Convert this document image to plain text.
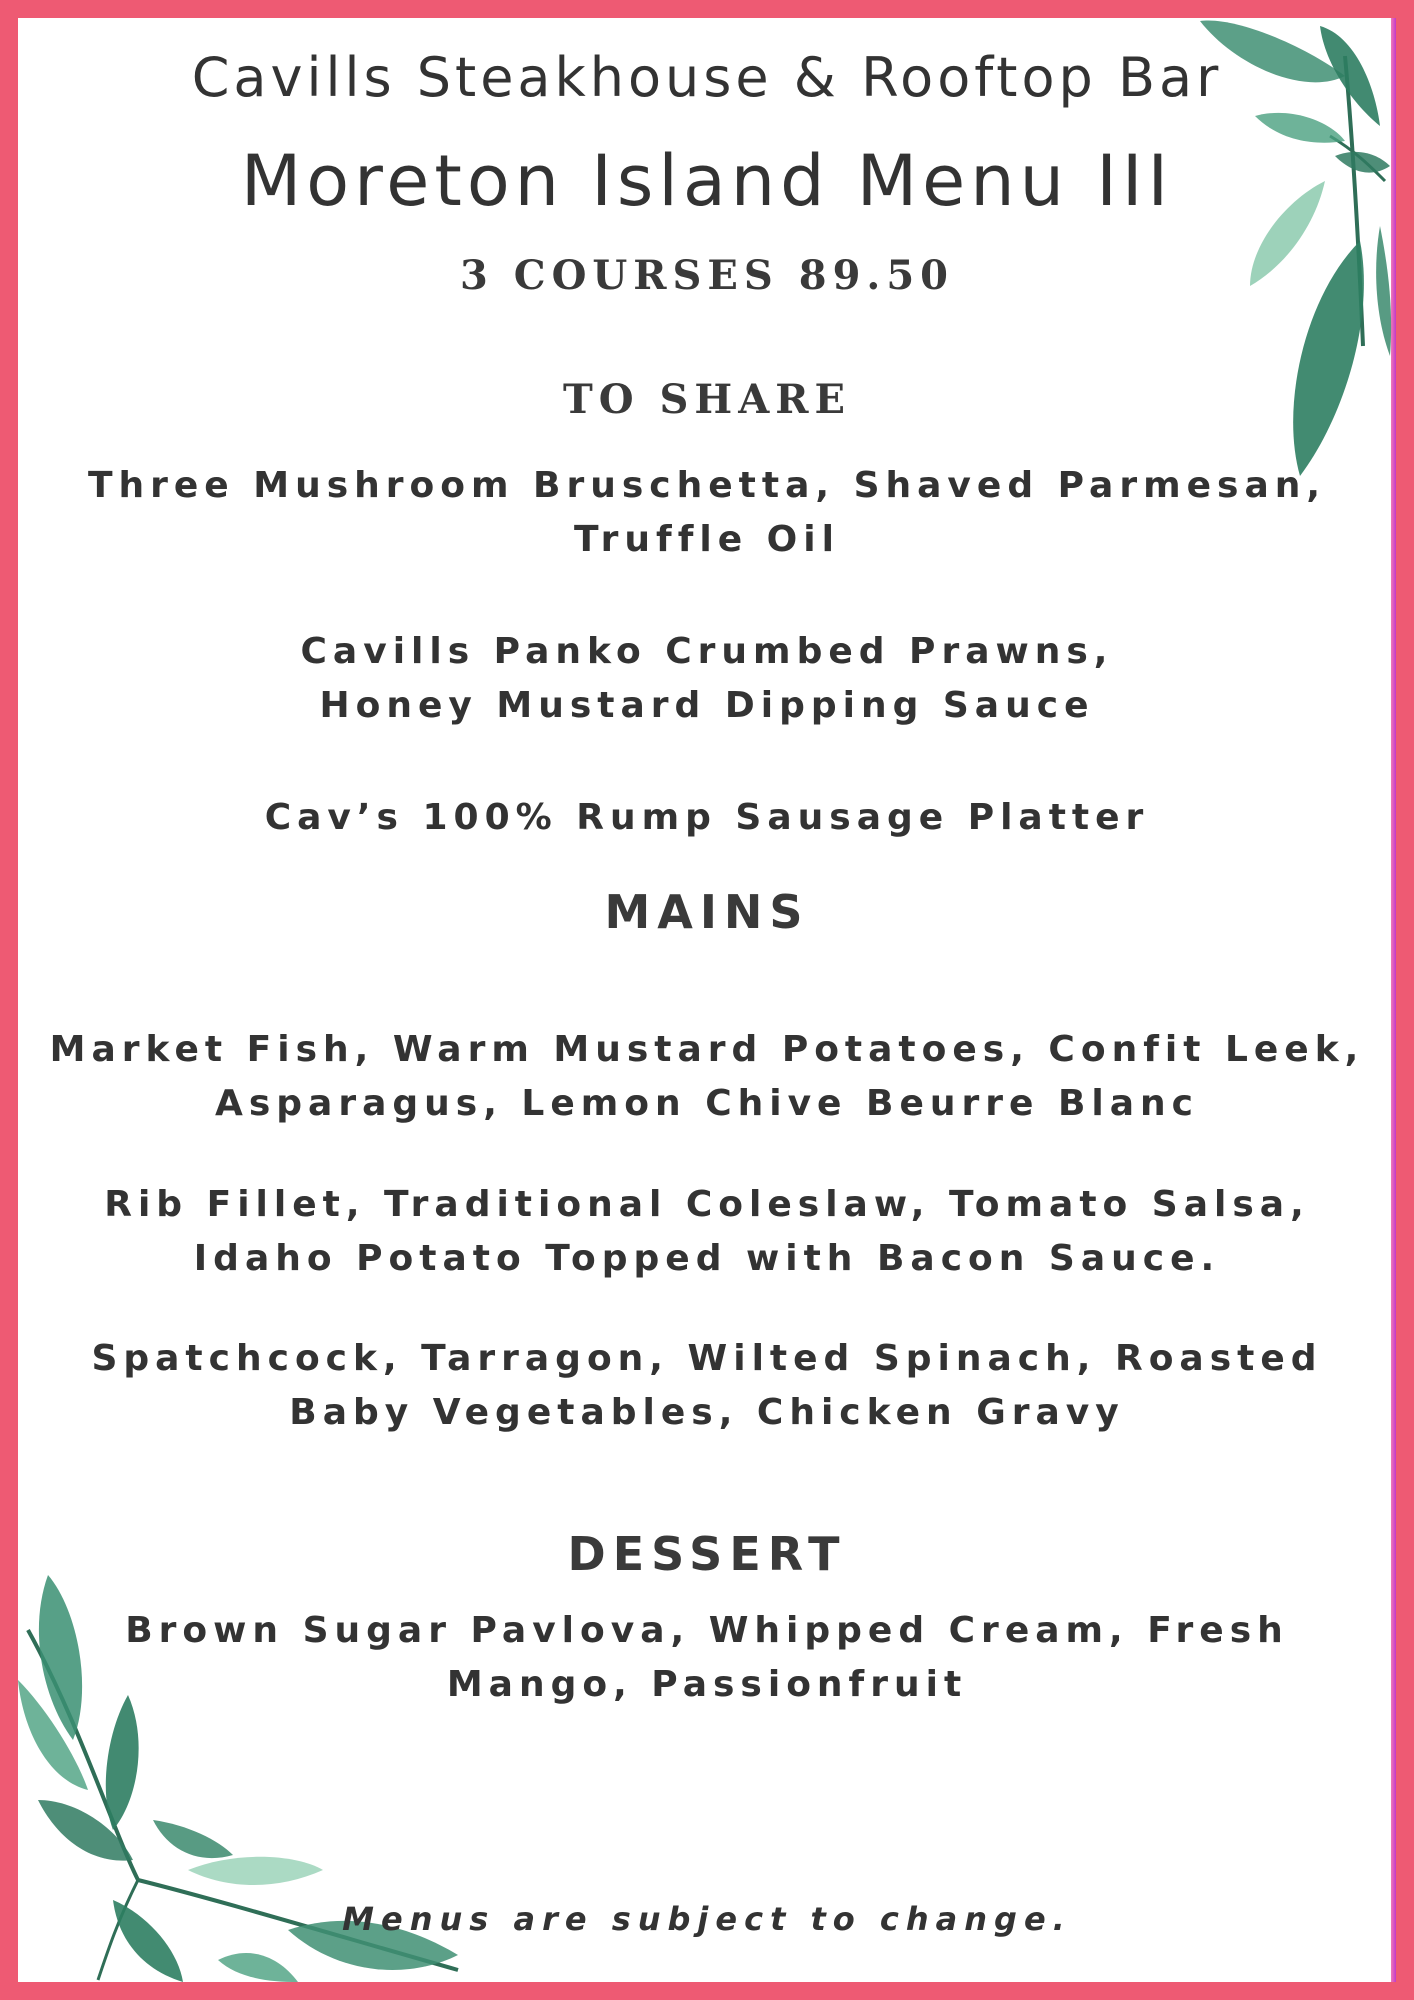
Cavills Steakhouse & Rooftop Bar
Moreton Island Menu III
3 COURSES 89.50
TO SHARE
Three Mushroom Bruschetta, Shaved Parmesan,
Truffle Oil
Cavills Panko Crumbed Prawns,
Honey Mustard Dipping Sauce
Cav’s 100% Rump Sausage Platter
MAINS
Market Fish, Warm Mustard Potatoes, Confit Leek,
Asparagus, Lemon Chive Beurre Blanc
Rib Fillet, Traditional Coleslaw, Tomato Salsa,
Idaho Potato Topped with Bacon Sauce.
Spatchcock, Tarragon, Wilted Spinach, Roasted
Baby Vegetables, Chicken Gravy
DESSERT
Brown Sugar Pavlova, Whipped Cream, Fresh
Mango, Passionfruit
Menus are subject to change.
